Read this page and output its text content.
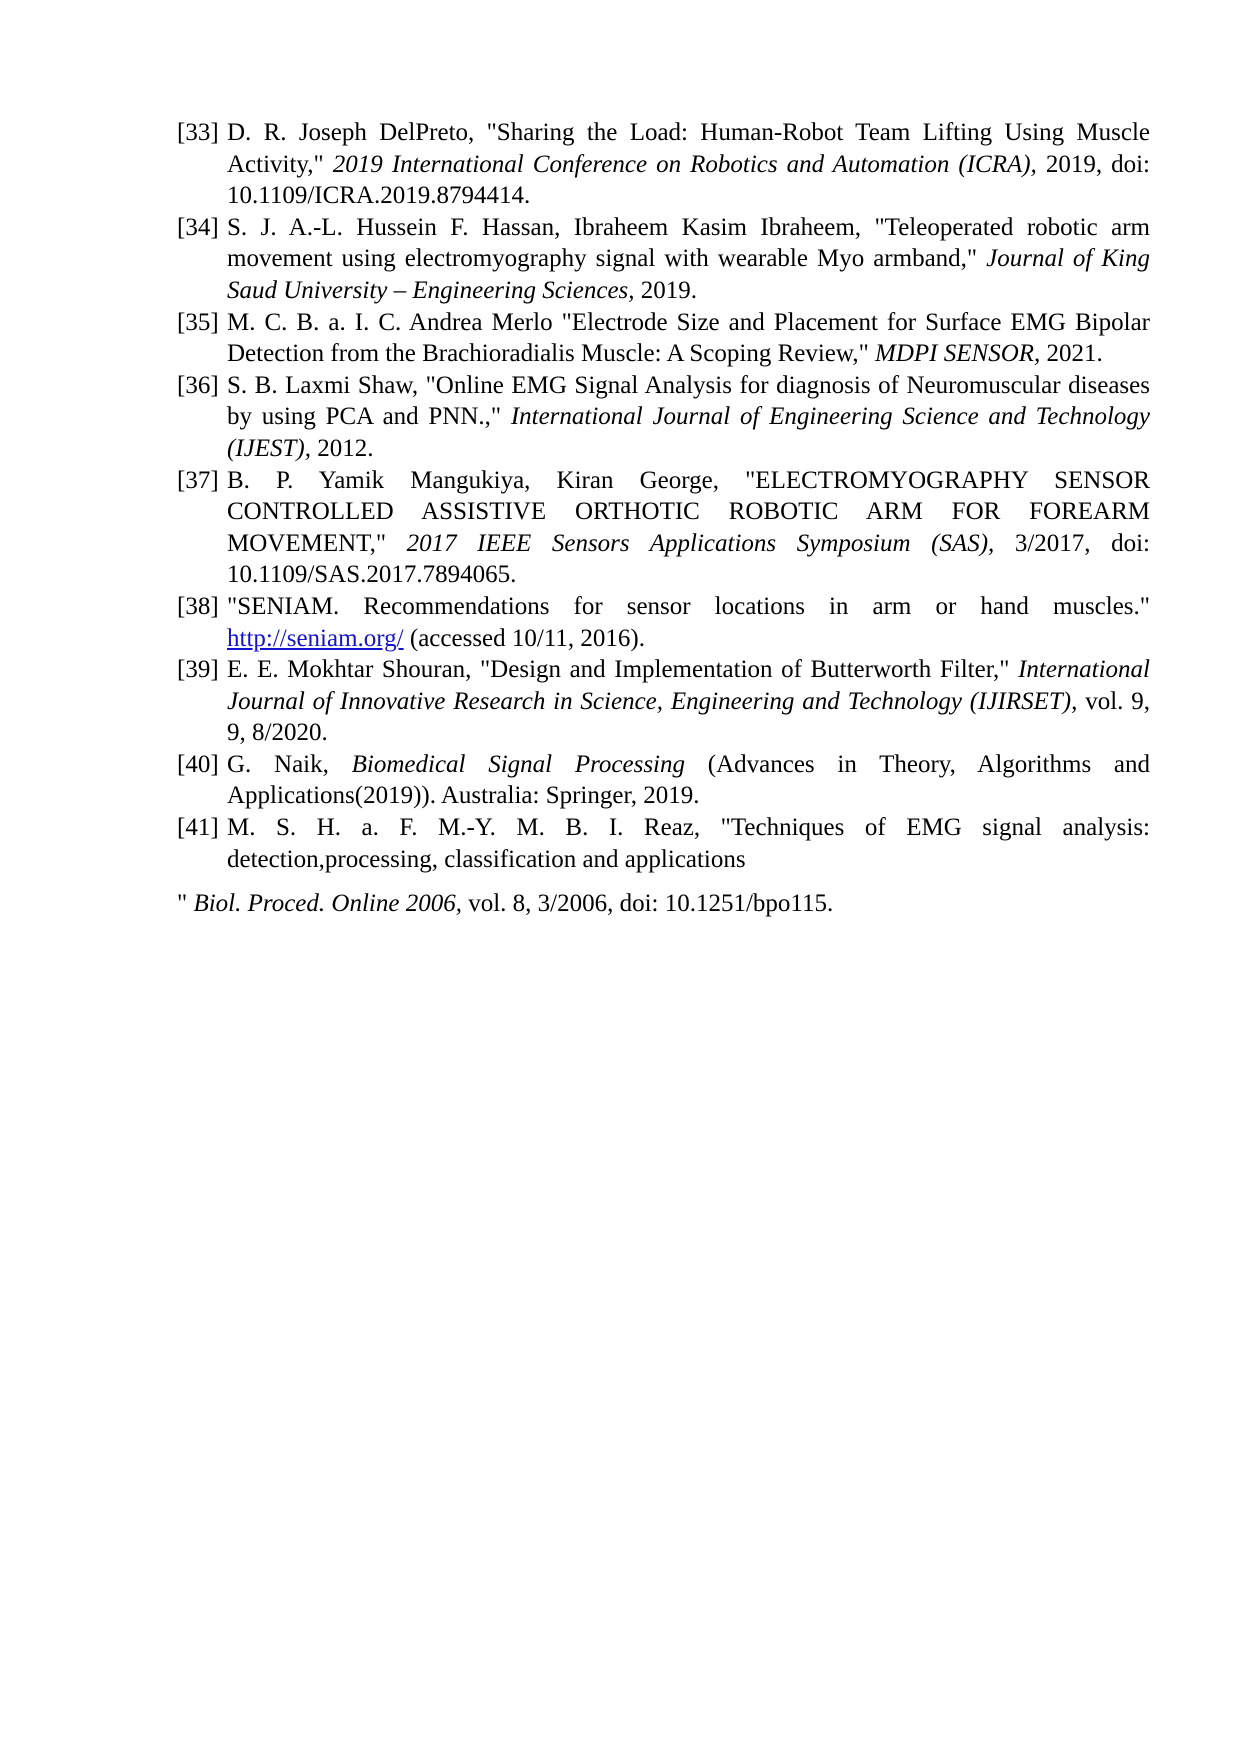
[33] D. R. Joseph DelPreto, "Sharing the Load: Human-Robot Team Lifting Using Muscle Activity," 2019 International Conference on Robotics and Automation (ICRA), 2019, doi: 10.1109/ICRA.2019.8794414.
[34] S. J. A.-L. Hussein F. Hassan, Ibraheem Kasim Ibraheem, "Teleoperated robotic arm movement using electromyography signal with wearable Myo armband," Journal of King Saud University – Engineering Sciences, 2019.
[35] M. C. B. a. I. C. Andrea Merlo "Electrode Size and Placement for Surface EMG Bipolar Detection from the Brachioradialis Muscle: A Scoping Review," MDPI SENSOR, 2021.
[36] S. B. Laxmi Shaw, "Online EMG Signal Analysis for diagnosis of Neuromuscular diseases by using PCA and PNN.," International Journal of Engineering Science and Technology (IJEST), 2012.
[37] B. P. Yamik Mangukiya, Kiran George, "ELECTROMYOGRAPHY SENSOR CONTROLLED ASSISTIVE ORTHOTIC ROBOTIC ARM FOR FOREARM MOVEMENT," 2017 IEEE Sensors Applications Symposium (SAS), 3/2017, doi: 10.1109/SAS.2017.7894065.
[38] "SENIAM. Recommendations for sensor locations in arm or hand muscles." http://seniam.org/ (accessed 10/11, 2016).
[39] E. E. Mokhtar Shouran, "Design and Implementation of Butterworth Filter," International Journal of Innovative Research in Science, Engineering and Technology (IJIRSET), vol. 9, 9, 8/2020.
[40] G. Naik, Biomedical Signal Processing (Advances in Theory, Algorithms and Applications(2019)). Australia: Springer, 2019.
[41] M. S. H. a. F. M.-Y. M. B. I. Reaz, "Techniques of EMG signal analysis: detection,processing, classification and applications

" Biol. Proced. Online 2006, vol. 8, 3/2006, doi: 10.1251/bpo115.
